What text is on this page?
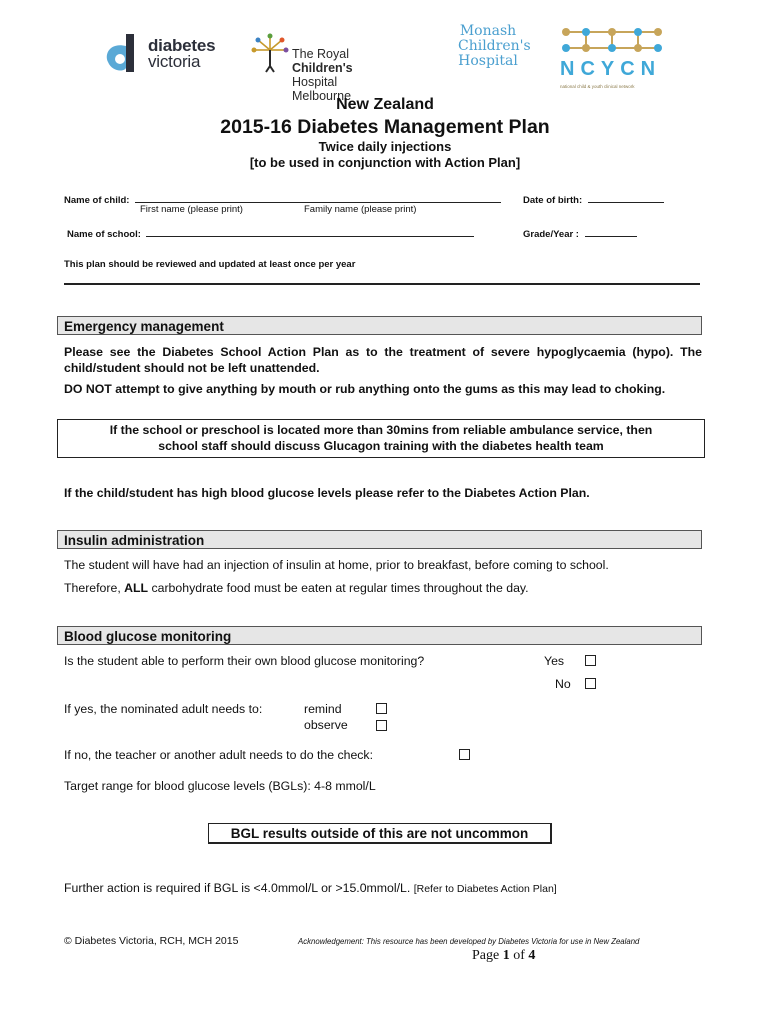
diabetes
victoria	The Royal Children's
Hospital Melbourne
Monash
Children's
Hospital NCYCN
national child & youth clinical network
New Zealand
2015-16 Diabetes Management Plan
Twice daily injections
[to be used in conjunction with Action Plan]
Name of child:
First name (please print)	Family name (please print)
Date of birth:
Name of school:	Grade/Year :
This plan should be reviewed and updated at least once per year
Emergency management
Please see the Diabetes School Action Plan as to the treatment of severe hypoglycaemia (hypo). The child/student should not be left unattended.
DO NOT attempt to give anything by mouth or rub anything onto the gums as this may lead to choking.
If the school or preschool is located more than 30mins from reliable ambulance service, then
school staff should discuss Glucagon training with the diabetes health team
If the child/student has high blood glucose levels please refer to the Diabetes Action Plan.
Insulin administration
The student will have had an injection of insulin at home, prior to breakfast, before coming to school.
Therefore, ALL carbohydrate food must be eaten at regular times throughout the day.
Blood glucose monitoring
Is the student able to perform their own blood glucose monitoring?	Yes
No
If yes, the nominated adult needs to:	remind
observe
If no, the teacher or another adult needs to do the check:
Target range for blood glucose levels (BGLs): 4-8 mmol/L
BGL results outside of this are not uncommon
Further action is required if BGL is <4.0mmol/L or >15.0mmol/L. [Refer to Diabetes Action Plan]
© Diabetes Victoria, RCH, MCH 2015	Acknowledgement: This resource has been developed by Diabetes Victoria for use in New Zealand
Page 1 of 4
